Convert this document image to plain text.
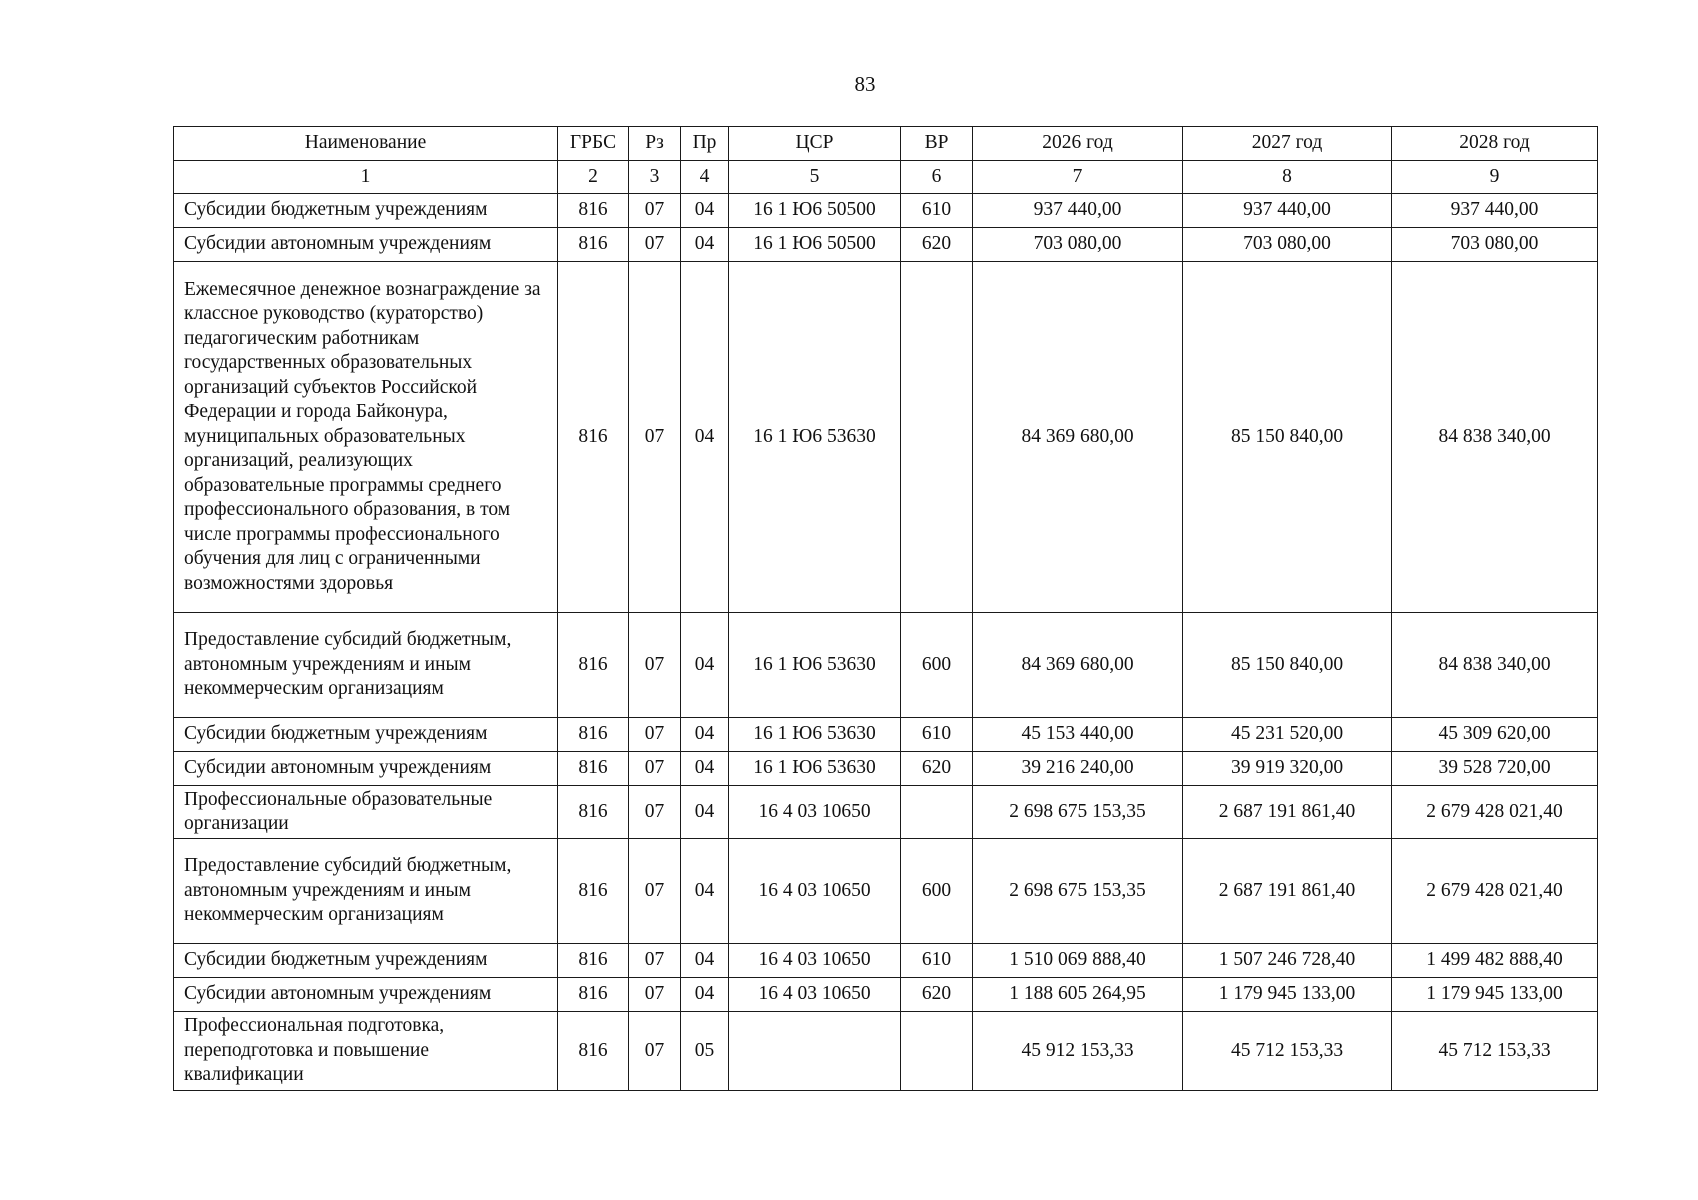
83
Наименование	ГРБС	Рз	Пр	ЦСР	ВР	2026 год	2027 год	2028 год
1	2	3	4	5	6	7	8	9
Субсидии бюджетным учреждениям	816	07	04	16 1 Ю6 50500	610	937 440,00	937 440,00	937 440,00
Субсидии автономным учреждениям	816	07	04	16 1 Ю6 50500	620	703 080,00	703 080,00	703 080,00
Ежемесячное денежное вознаграждение за классное руководство (кураторство) педагогическим работникам государственных образовательных организаций субъектов Российской Федерации и города Байконура, муниципальных образовательных организаций, реализующих образовательные программы среднего профессионального образования, в том числе программы профессионального обучения для лиц с ограниченными возможностями здоровья	816	07	04	16 1 Ю6 53630		84 369 680,00	85 150 840,00	84 838 340,00
Предоставление субсидий бюджетным, автономным учреждениям и иным некоммерческим организациям	816	07	04	16 1 Ю6 53630	600	84 369 680,00	85 150 840,00	84 838 340,00
Субсидии бюджетным учреждениям	816	07	04	16 1 Ю6 53630	610	45 153 440,00	45 231 520,00	45 309 620,00
Субсидии автономным учреждениям	816	07	04	16 1 Ю6 53630	620	39 216 240,00	39 919 320,00	39 528 720,00
Профессиональные образовательные организации	816	07	04	16 4 03 10650		2 698 675 153,35	2 687 191 861,40	2 679 428 021,40
Предоставление субсидий бюджетным, автономным учреждениям и иным некоммерческим организациям	816	07	04	16 4 03 10650	600	2 698 675 153,35	2 687 191 861,40	2 679 428 021,40
Субсидии бюджетным учреждениям	816	07	04	16 4 03 10650	610	1 510 069 888,40	1 507 246 728,40	1 499 482 888,40
Субсидии автономным учреждениям	816	07	04	16 4 03 10650	620	1 188 605 264,95	1 179 945 133,00	1 179 945 133,00
Профессиональная подготовка, переподготовка и повышение квалификации	816	07	05			45 912 153,33	45 712 153,33	45 712 153,33
